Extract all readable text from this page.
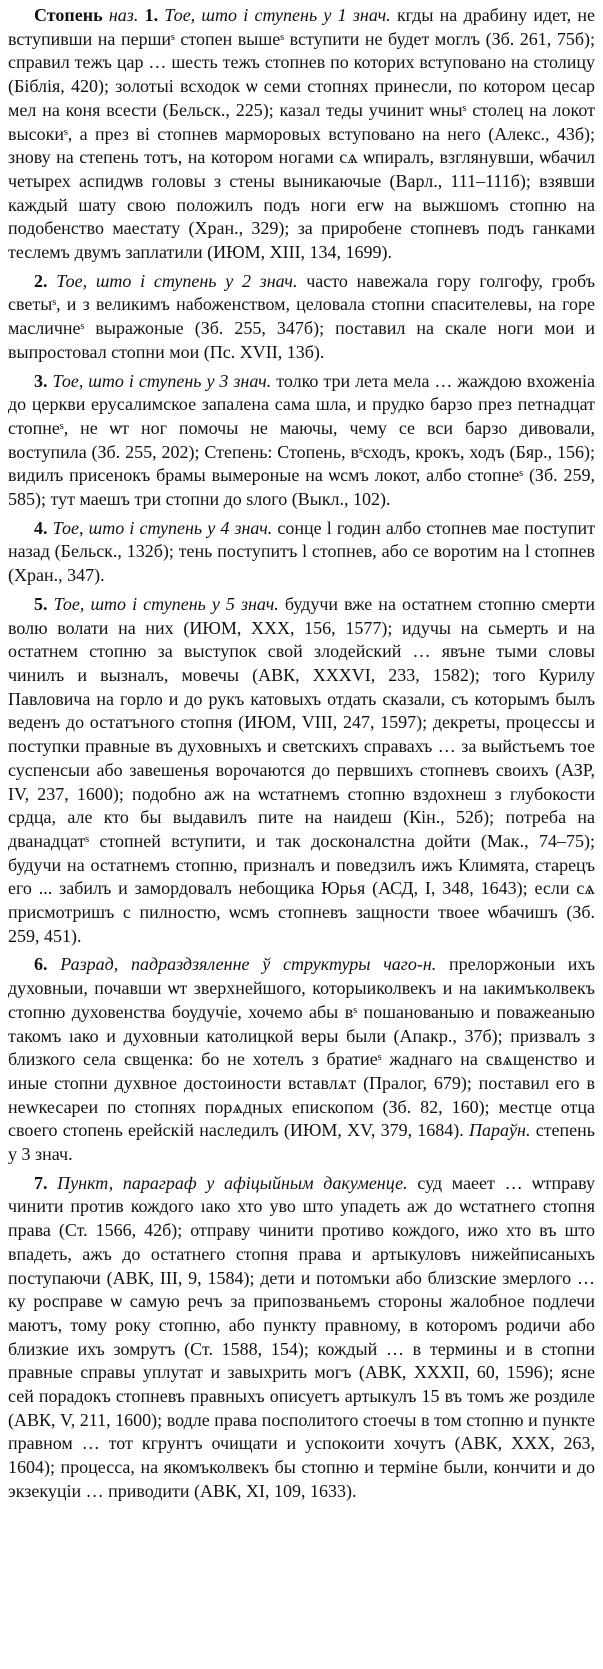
Стопень наз. 1. Тое, што і ступень у 1 знач. кгды на драбину идет, не вступивши на першиˢ стопен вышеˢ вступити не будет моглъ (Зб. 261, 75б); справил тежъ цар … шесть тежъ стопнев по которих вступовано на столицу (Біблія, 420); золотыі всходок ѡ семи стопнях принесли, по котором цесар мел на коня всести (Бельск., 225); казал теды учинит ѡныˢ столец на локот высокиˢ, а през ві стопнев марморовых вступовано на него (Алекс., 43б); знову на степень тотъ, на котором ногами сѧ ѡпиралъ, взглянувши, ѡбачил четырех аспидѡв головы з стены выникаючые (Варл., 111–111б); взявши каждый шату свою положилъ подъ ноги егѡ на выжшомъ стопню на подобенство маестату (Хран., 329); за приробене стопневъ подъ ганками теслемъ двумъ заплатили (ИЮМ, XIII, 134, 1699).

2. Тое, што і ступень у 2 знач. часто навежала гору голгофу, гробъ светыˢ, и з великимъ набоженством, целовала стопни спасителевы, на горе масличнеˢ выражоные (Зб. 255, 347б); поставил на скале ноги мои и выпростовал стопни мои (Пс. XVII, 13б).

3. Тое, што і ступень у 3 знач. толко три лета мела … жаждою вхоженіа до церкви ерусалимское запалена сама шла, и прудко барзо през петнадцат стопнеˢ, не ѡт ног помочы не маючы, чему се вси барзо дивовали, воступила (Зб. 255, 202); Степень: Стопень, вˢсходъ, крокъ, ходъ (Бяр., 156); видилъ присенокъ брамы вымероные на ѡсмъ локот, албо стопнеˢ (Зб. 259, 585); тут маешъ три стопни до ѕлого (Выкл., 102).

4. Тое, што і ступень у 4 знач. сонце ӏ годин албо стопнев мае поступит назад (Бельск., 132б); тень поступитъ ӏ стопнев, або се воротим на ӏ стопнев (Хран., 347).

5. Тое, што і ступень у 5 знач. будучи вже на остатнем стопню смерти волю волати на них (ИЮМ, XXX, 156, 1577); идучы на сьмерть и на остатнем стопню за выступок свой злодейский … явъне тыми словы чинилъ и вызналъ, мовечы (АВК, XXXVI, 233, 1582); того Курилу Павловича на горло и до рукъ катовыхъ отдать сказали, съ которымъ былъ веденъ до остатъного стопня (ИЮМ, VIII, 247, 1597); декреты, процессы и поступки правные въ духовныхъ и светскихъ справахъ … за выйстьемъ тое суспенсыи або завешенья ворочаются до первшихъ стопневъ своихъ (АЗР, IV, 237, 1600); подобно аж на ѡстатнемъ стопню вздохнеш з глубокости срдца, але кто бы выдавилъ пите на наидеш (Кін., 52б); потреба на дванадцатˢ стопней вступити, и так досконалстна дойти (Мак., 74–75); будучи на остатнемъ стопню, призналъ и поведзилъ ижъ Климята, старецъ его ... забилъ и замордовалъ небощика Юрья (АСД, I, 348, 1643); если сѧ присмотришъ с пилностю, ѡсмъ стопневъ защности твоее ѡбачишъ (Зб. 259, 451).

6. Разрад, падраздзяленне ў структуры чаго-н. прелоpжоныи ихъ духовныи, почавши ѡт зверхнейшого, которыиколвекъ и на ıакимъколвекъ стопню духовенства боудучіе, хочемо абы вˢ пошанованыю и поважеаныю такомъ ıако и духовныи католицкой веры были (Апакр., 37б); призвалъ з близкого села свщенка: бо не хотелъ з братиеˢ жаднаго на свѧщенство и иные стопни духвное достоиности вставлѧт (Пралог, 679); поставил его в неwкесареи по стопнях порѧдных епископом (Зб. 82, 160); местце отца своего стопень ерейскій наследилъ (ИЮМ, XV, 379, 1684). Параўн. степень у 3 знач.

7. Пункт, параграф у афіцыйным дакуменце. суд маеет … ѡтправу чинити против кождого ıако хто уво што упадеть аж до ѡстатнего стопня права (Ст. 1566, 42б); отправу чинити противо кождого, ижо хто въ што впадеть, ажъ до остатнего стопня права и артыкуловъ нижейписаныхъ поступаючи (АВК, III, 9, 1584); дети и потомъки або близские змерлого … ку росправе ѡ самую речъ за припозваньемъ стороны жалобное подлечи маютъ, тому року стопню, або пункту правному, в которомъ родичи або близкие ихъ зомрутъ (Ст. 1588, 154); кождый … в термины и в стопни правные справы уплутат и завыхрить могъ (АВК, XXXII, 60, 1596); ясне сей порадокъ стопневъ правныхъ описуетъ артыкулъ 15 въ томъ же роздиле (АВК, V, 211, 1600); водле права посполитого стоечы в том стопню и пункте правном … тот кгрунтъ очищати и успокоити хочутъ (АВК, XXX, 263, 1604); процесса, на якомъколвекъ бы стопню и терміне были, кончити и до экзекуціи … приводити (АВК, XI, 109, 1633).
